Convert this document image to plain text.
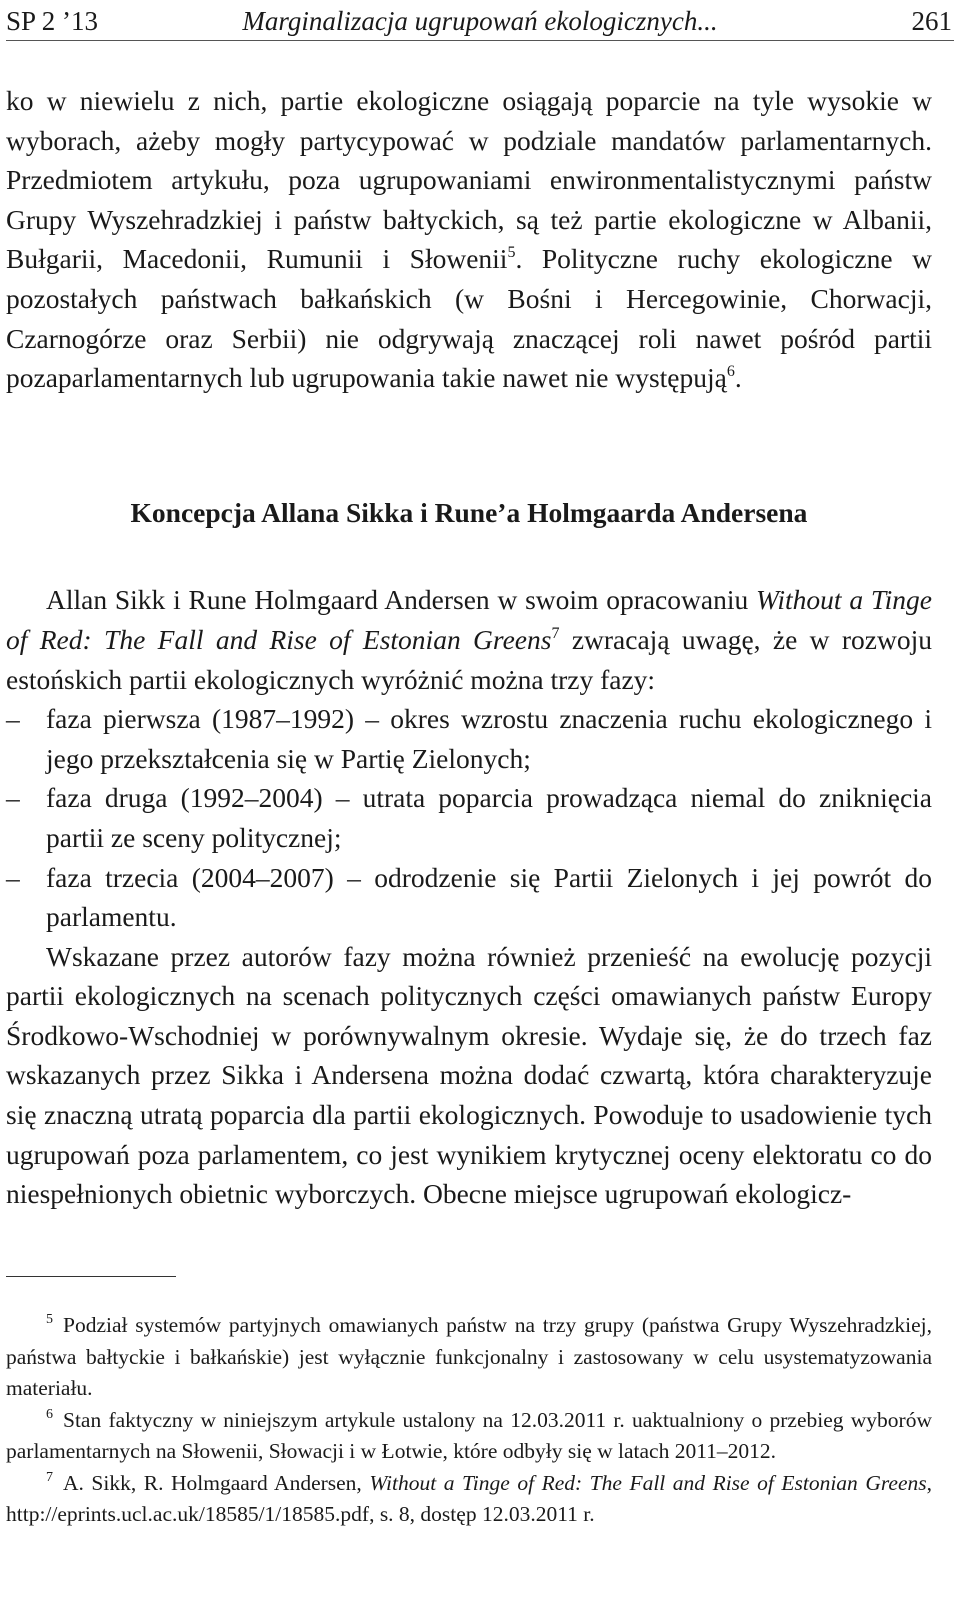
SP 2 ’13	Marginalizacja ugrupowań ekologicznych...	261

ko w niewielu z nich, partie ekologiczne osiągają poparcie na tyle wysokie w wyborach, ażeby mogły partycypować w podziale mandatów parlamentarnych. Przedmiotem artykułu, poza ugrupowaniami enwironmentalistycznymi państw Grupy Wyszehradzkiej i państw bałtyckich, są też partie ekologiczne w Albanii, Bułgarii, Macedonii, Rumunii i Słowenii$^5$. Polityczne ruchy ekologiczne w pozostałych państwach bałkańskich (w Bośni i Hercegowinie, Chorwacji, Czarnogórze oraz Serbii) nie odgrywają znaczącej roli nawet pośród partii pozaparlamentarnych lub ugrupowania takie nawet nie występują$^6$.

Koncepcja Allana Sikka i Rune’a Holmgaarda Andersena

Allan Sikk i Rune Holmgaard Andersen w swoim opracowaniu Without a Tinge of Red: The Fall and Rise of Estonian Greens$^7$ zwracają uwagę, że w rozwoju estońskich partii ekologicznych wyróżnić można trzy fazy:

– faza pierwsza (1987–1992) – okres wzrostu znaczenia ruchu ekologicznego i jego przekształcenia się w Partię Zielonych;

– faza druga (1992–2004) – utrata poparcia prowadząca niemal do zniknięcia partii ze sceny politycznej;

– faza trzecia (2004–2007) – odrodzenie się Partii Zielonych i jej powrót do parlamentu.

Wskazane przez autorów fazy można również przenieść na ewolucję pozycji partii ekologicznych na scenach politycznych części omawianych państw Europy Środkowo-Wschodniej w porównywalnym okresie. Wydaje się, że do trzech faz wskazanych przez Sikka i Andersena można dodać czwartą, która charakteryzuje się znaczną utratą poparcia dla partii ekologicznych. Powoduje to usadowienie tych ugrupowań poza parlamentem, co jest wynikiem krytycznej oceny elektoratu co do niespełnionych obietnic wyborczych. Obecne miejsce ugrupowań ekologicz-

$^5$ Podział systemów partyjnych omawianych państw na trzy grupy (państwa Grupy Wyszehradzkiej, państwa bałtyckie i bałkańskie) jest wyłącznie funkcjonalny i zastosowany w celu usystematyzowania materiału.

$^6$ Stan faktyczny w niniejszym artykule ustalony na 12.03.2011 r. uaktualniony o przebieg wyborów parlamentarnych na Słowenii, Słowacji i w Łotwie, które odbyły się w latach 2011–2012.

$^7$ A. Sikk, R. Holmgaard Andersen, Without a Tinge of Red: The Fall and Rise of Estonian Greens, http://eprints.ucl.ac.uk/18585/1/18585.pdf, s. 8, dostęp 12.03.2011 r.
